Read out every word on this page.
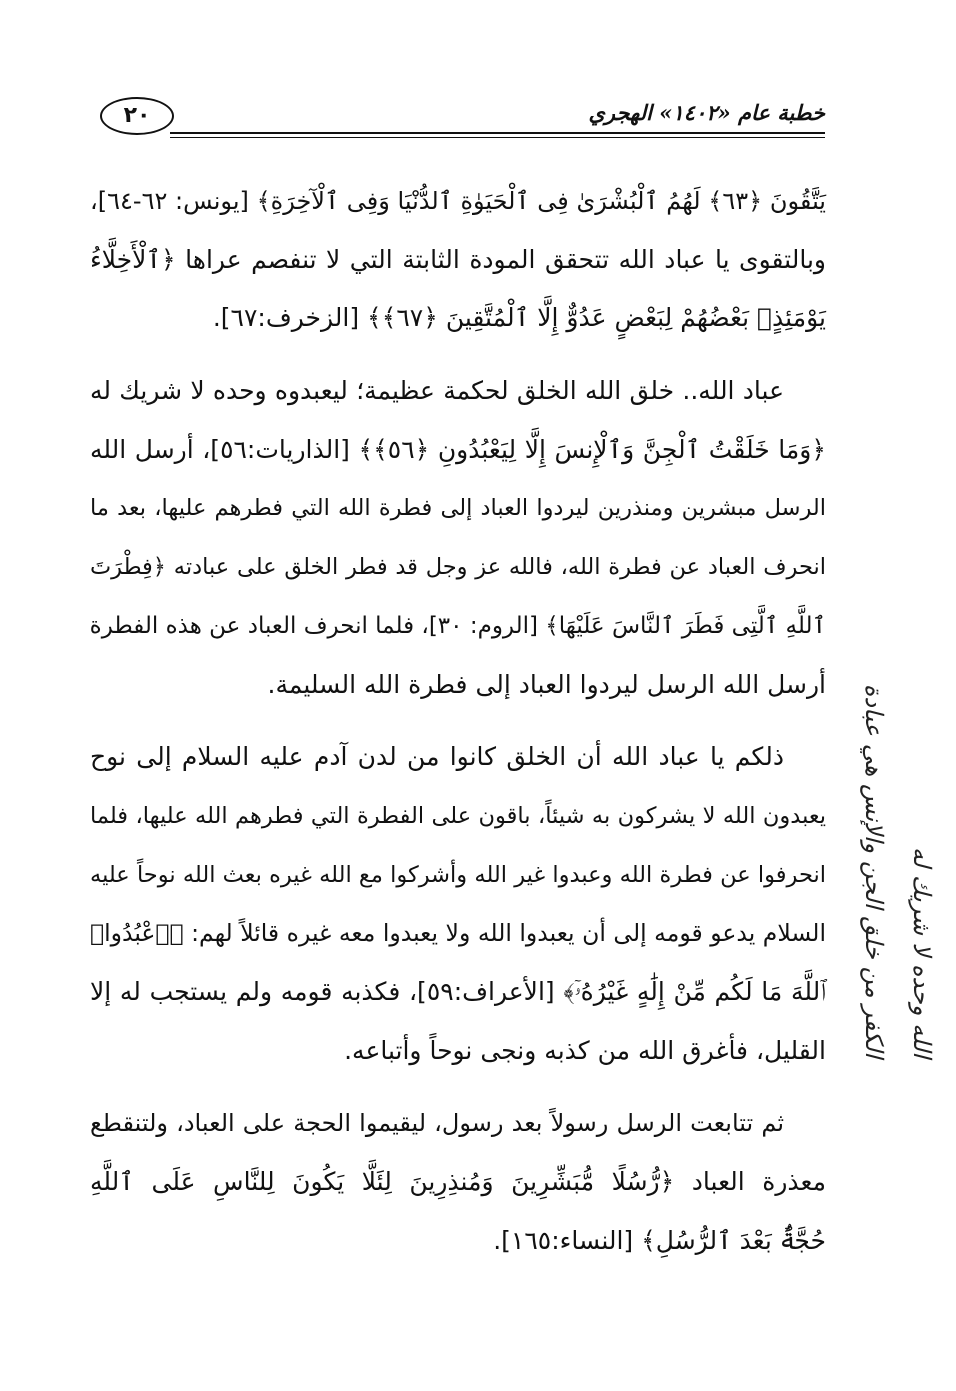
٢٠	خطبة عام «١٤٠٢» الهجري
يَتَّقُونَ ﴿٦٣﴾ لَهُمُ ٱلْبُشْرَىٰ فِى ٱلْحَيَوٰةِ ٱلدُّنْيَا وَفِى ٱلْآخِرَةِ﴾ [يونس: ٦٢-٦٤]،
وبالتقوى يا عباد الله تتحقق المودة الثابتة التي لا تنفصم عراها ﴿ٱلْأَخِلَّاءُ
يَوْمَئِذٍۭ بَعْضُهُمْ لِبَعْضٍ عَدُوٌّ إِلَّا ٱلْمُتَّقِينَ ﴿٦٧﴾﴾ [الزخرف:٦٧].
عباد الله.. خلق الله الخلق لحكمة عظيمة؛ ليعبدوه وحده لا شريك له
﴿وَمَا خَلَقْتُ ٱلْجِنَّ وَٱلْإِنسَ إِلَّا لِيَعْبُدُونِ ﴿٥٦﴾﴾ [الذاريات:٥٦]، أرسل الله
الرسل مبشرين ومنذرين ليردوا العباد إلى فطرة الله التي فطرهم عليها، بعد ما
انحرف العباد عن فطرة الله، فالله عز وجل قد فطر الخلق على عبادته ﴿فِطْرَتَ
ٱللَّهِ ٱلَّتِى فَطَرَ ٱلنَّاسَ عَلَيْهَا﴾ [الروم: ٣٠]، فلما انحرف العباد عن هذه الفطرة
أرسل الله الرسل ليردوا العباد إلى فطرة الله السليمة.
ذلكم يا عباد الله أن الخلق كانوا من لدن آدم عليه السلام إلى نوح
يعبدون الله لا يشركون به شيئاً، باقون على الفطرة التي فطرهم الله عليها، فلما
انحرفوا عن فطرة الله وعبدوا غير الله وأشركوا مع الله غيره بعث الله نوحاً عليه
السلام يدعو قومه إلى أن يعبدوا الله ولا يعبدوا معه غيره قائلاً لهم: ﴿ٱعْبُدُوا۟
ٱللَّهَ مَا لَكُم مِّنْ إِلَٰهٍ غَيْرُهُۥٓ﴾ [الأعراف:٥٩]، فكذبه قومه ولم يستجب له إلا
القليل، فأغرق الله من كذبه ونجى نوحاً وأتباعه.
ثم تتابعت الرسل رسولاً بعد رسول، ليقيموا الحجة على العباد، ولتنقطع
معذرة العباد ﴿رُّسُلًا مُّبَشِّرِينَ وَمُنذِرِينَ لِئَلَّا يَكُونَ لِلنَّاسِ عَلَى ٱللَّهِ
حُجَّةٌۢ بَعْدَ ٱلرُّسُلِ﴾ [النساء:١٦٥].
الله وحده لا شريك له
الكفر من خلق الجن والإنس هي عبادة
